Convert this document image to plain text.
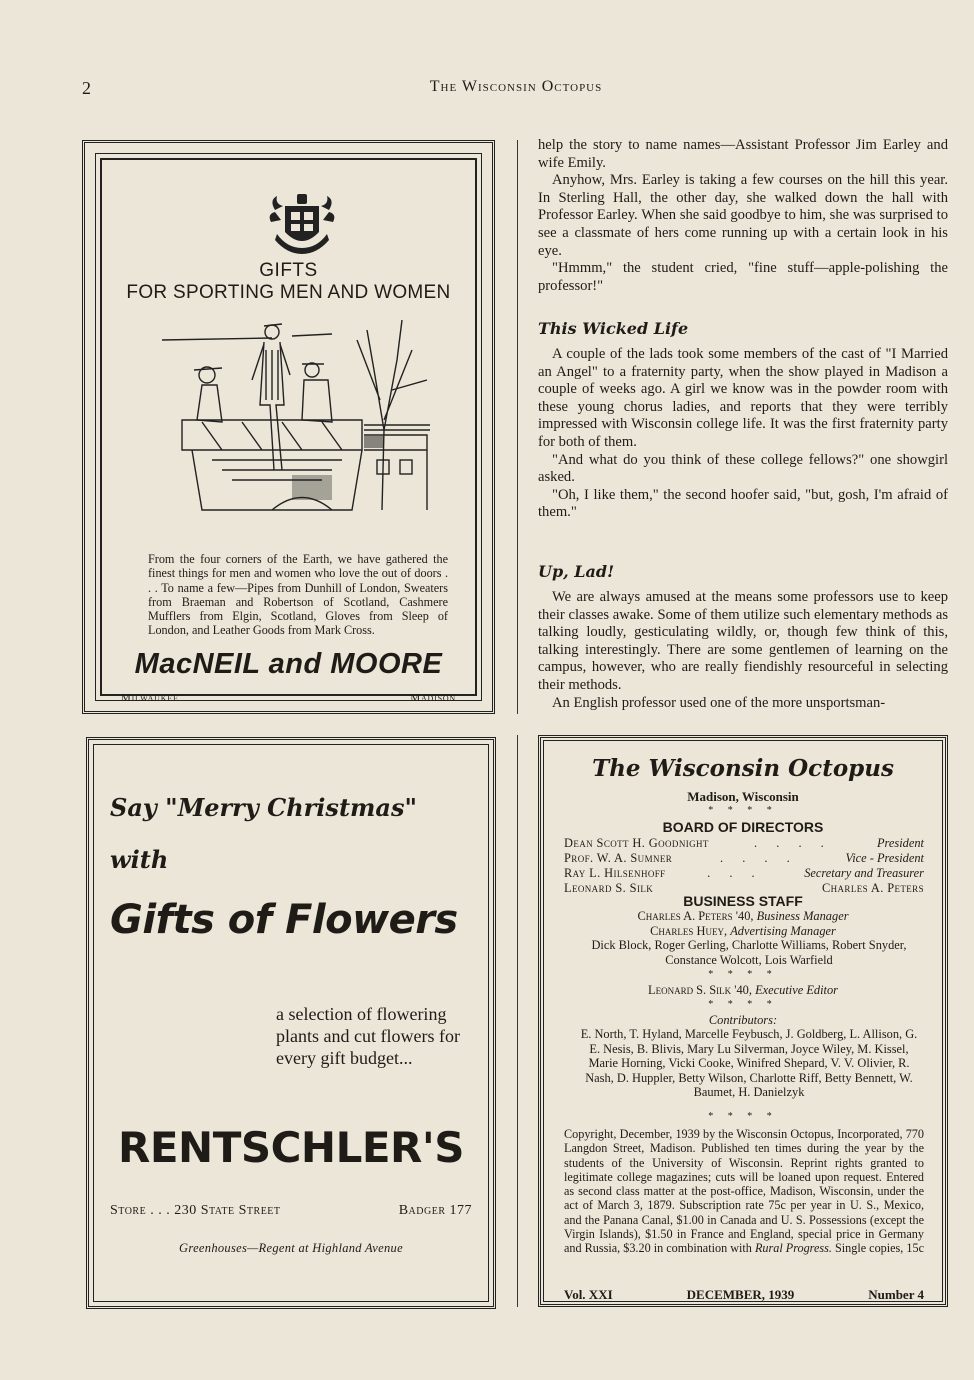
2	The Wisconsin Octopus
GIFTS
FOR SPORTING MEN AND WOMEN
From the four corners of the Earth, we have gathered the finest things for men and women who love the out of doors . . . To name a few—Pipes from Dunhill of London, Sweaters from Braeman and Robertson of Scotland, Cashmere Mufflers from Elgin, Scotland, Gloves from Sleep of London, and Leather Goods from Mark Cross.
MacNEIL and MOORE
Milwaukee	Madison
Say "Merry Christmas"
with
Gifts of Flowers
a selection of flowering plants and cut flowers for every gift budget...
RENTSCHLER'S
Store . . . 230 State Street	Badger 177
Greenhouses—Regent at Highland Avenue

help the story to name names—Assistant Professor Jim Earley and wife Emily.

Anyhow, Mrs. Earley is taking a few courses on the hill this year. In Sterling Hall, the other day, she walked down the hall with Professor Earley. When she said goodbye to him, she was surprised to see a classmate of hers come running up with a certain look in his eye.

"Hmmm," the student cried, "fine stuff—apple-polishing the professor!"

This Wicked Life

A couple of the lads took some members of the cast of "I Married an Angel" to a fraternity party, when the show played in Madison a couple of weeks ago. A girl we know was in the powder room with these young chorus ladies, and reports that they were terribly impressed with Wisconsin college life. It was the first fraternity party for both of them.

"And what do you think of these college fellows?" one showgirl asked.

"Oh, I like them," the second hoofer said, "but, gosh, I'm afraid of them."

Up, Lad!

We are always amused at the means some professors use to keep their classes awake. Some of them utilize such elementary methods as talking loudly, gesticulating wildly, or, though few think of this, talking interestingly. There are some gentlemen of learning on the campus, however, who are really fiendishly resourceful in selecting their methods.

An English professor used one of the more unsportsman-

The Wisconsin Octopus
Madison, Wisconsin
* * * *
BOARD OF DIRECTORS
Dean Scott H. Goodnight	. . . .	President
Prof. W. A. Sumner	. . . .	Vice - President
Ray L. Hilsenhoff	. . .	Secretary and Treasurer
Leonard S. Silk	Charles A. Peters
BUSINESS STAFF
Charles A. Peters '40, Business Manager
Charles Huey, Advertising Manager
Dick Block, Roger Gerling, Charlotte Williams, Robert Snyder, Constance Wolcott, Lois Warfield
* * * *
Leonard S. Silk '40, Executive Editor
* * * *
Contributors:
E. North, T. Hyland, Marcelle Feybusch, J. Goldberg, L. Allison, G. E. Nesis, B. Blivis, Mary Lu Silverman, Joyce Wiley, M. Kissel, Marie Horning, Vicki Cooke, Winifred Shepard, V. V. Olivier, R. Nash, D. Huppler, Betty Wilson, Charlotte Riff, Betty Bennett, W. Baumet, H. Danielzyk
* * * *
Copyright, December, 1939 by the Wisconsin Octopus, Incorporated, 770 Langdon Street, Madison. Published ten times during the year by the students of the University of Wisconsin. Reprint rights granted to legitimate college magazines; cuts will be loaned upon request. Entered as second class matter at the post-office, Madison, Wisconsin, under the act of March 3, 1879. Subscription rate 75c per year in U. S., Mexico, and the Panana Canal, $1.00 in Canada and U. S. Possessions (except the Virgin Islands), $1.50 in France and England, special price in Germany and Russia, $3.20 in combination with Rural Progress. Single copies, 15c
Vol. XXI	DECEMBER, 1939	Number 4
